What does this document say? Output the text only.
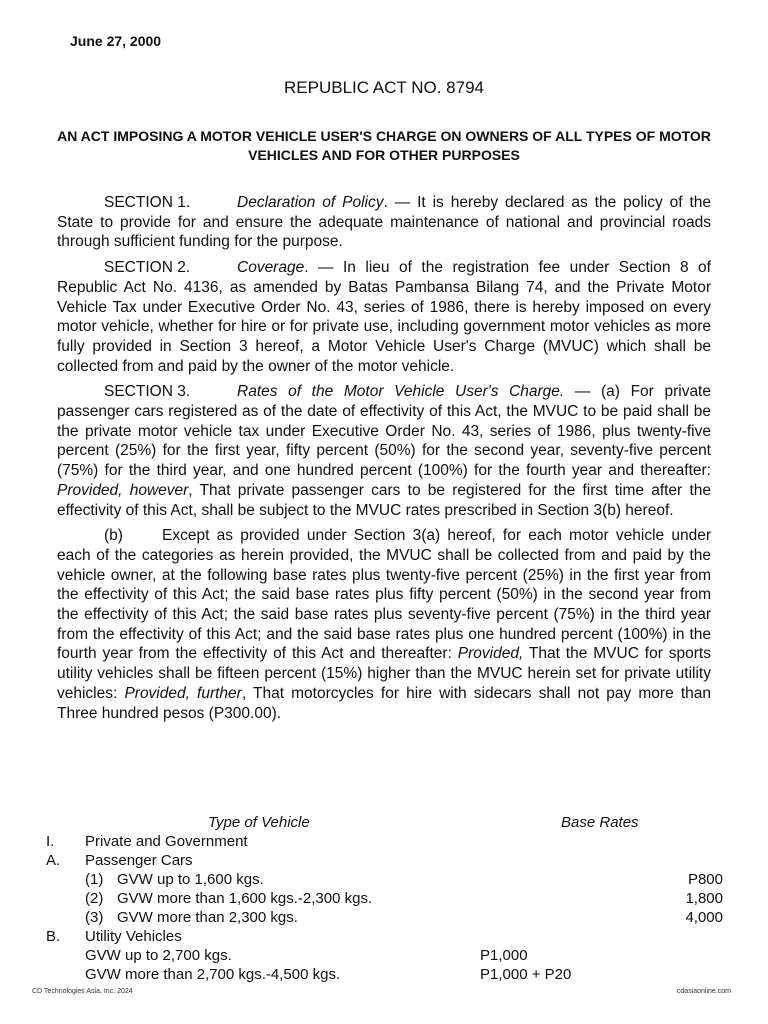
June 27, 2000
REPUBLIC ACT NO. 8794
AN ACT IMPOSING A MOTOR VEHICLE USER'S CHARGE ON OWNERS OF ALL TYPES OF MOTOR VEHICLES AND FOR OTHER PURPOSES

SECTION 1.	Declaration of Policy. — It is hereby declared as the policy of the State to provide for and ensure the adequate maintenance of national and provincial roads through sufficient funding for the purpose.

SECTION 2.	Coverage. — In lieu of the registration fee under Section 8 of Republic Act No. 4136, as amended by Batas Pambansa Bilang 74, and the Private Motor Vehicle Tax under Executive Order No. 43, series of 1986, there is hereby imposed on every motor vehicle, whether for hire or for private use, including government motor vehicles as more fully provided in Section 3 hereof, a Motor Vehicle User's Charge (MVUC) which shall be collected from and paid by the owner of the motor vehicle.

SECTION 3.	Rates of the Motor Vehicle User's Charge. — (a) For private passenger cars registered as of the date of effectivity of this Act, the MVUC to be paid shall be the private motor vehicle tax under Executive Order No. 43, series of 1986, plus twenty-five percent (25%) for the first year, fifty percent (50%) for the second year, seventy-five percent (75%) for the third year, and one hundred percent (100%) for the fourth year and thereafter: Provided, however, That private passenger cars to be registered for the first time after the effectivity of this Act, shall be subject to the MVUC rates prescribed in Section 3(b) hereof.

(b)	Except as provided under Section 3(a) hereof, for each motor vehicle under each of the categories as herein provided, the MVUC shall be collected from and paid by the vehicle owner, at the following base rates plus twenty-five percent (25%) in the first year from the effectivity of this Act; the said base rates plus fifty percent (50%) in the second year from the effectivity of this Act; the said base rates plus seventy-five percent (75%) in the third year from the effectivity of this Act; and the said base rates plus one hundred percent (100%) in the fourth year from the effectivity of this Act and thereafter: Provided, That the MVUC for sports utility vehicles shall be fifteen percent (15%) higher than the MVUC herein set for private utility vehicles: Provided, further, That motorcycles for hire with sidecars shall not pay more than Three hundred pesos (P300.00).

Type of Vehicle	Base Rates
I. Private and Government
A. Passenger Cars
(1) GVW up to 1,600 kgs.	P800
(2) GVW more than 1,600 kgs.-2,300 kgs.	1,800
(3) GVW more than 2,300 kgs.	4,000
B. Utility Vehicles
GVW up to 2,700 kgs.	P1,000
GVW more than 2,700 kgs.-4,500 kgs.	P1,000 + P20
CD Technologies Asia, Inc. 2024	cdasiaonline.com
